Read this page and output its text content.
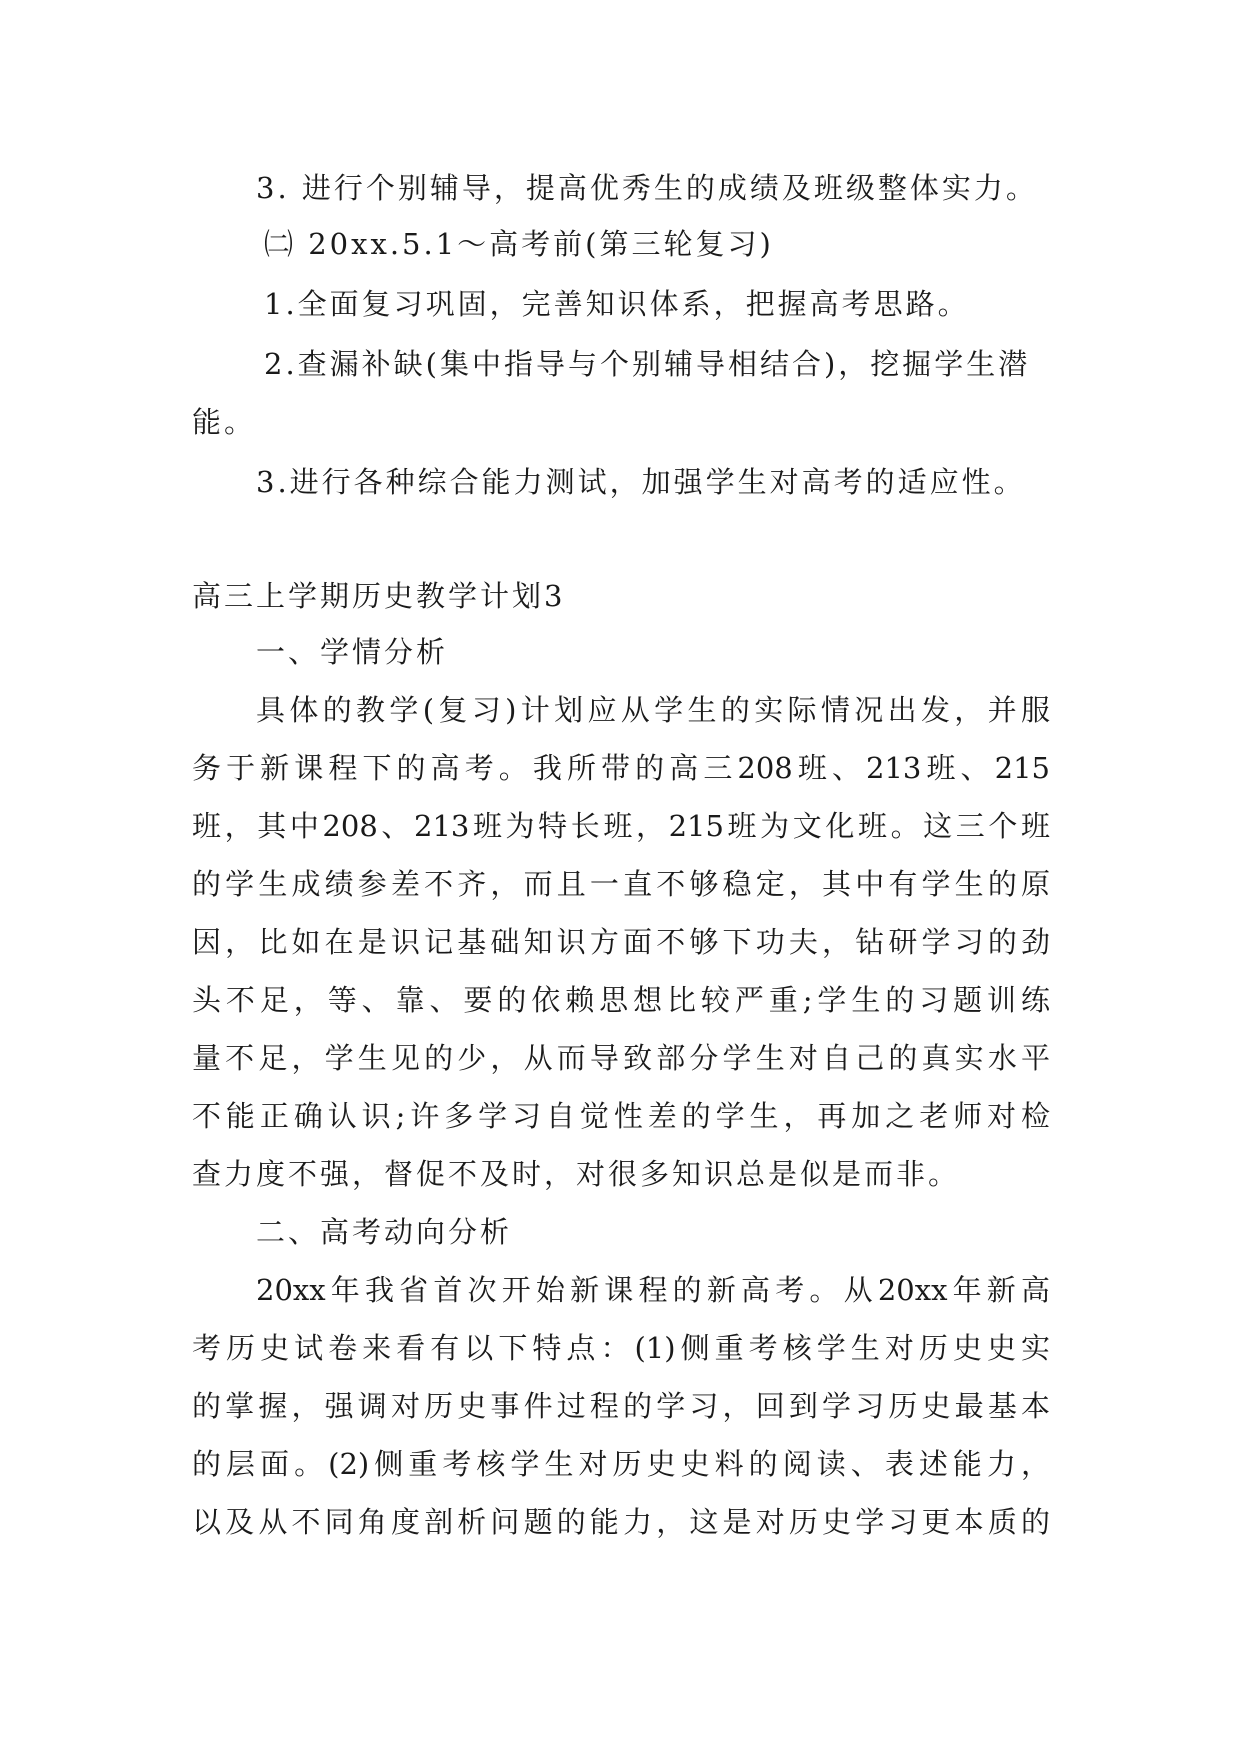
3. 进行个别辅导，提高优秀生的成绩及班级整体实力。
㈡ 20xx.5.1～高考前(第三轮复习)
1.全面复习巩固，完善知识体系，把握高考思路。
2.查漏补缺(集中指导与个别辅导相结合)，挖掘学生潜
能。
3.进行各种综合能力测试，加强学生对高考的适应性。
高三上学期历史教学计划3
一、学情分析
具体的教学(复习)计划应从学生的实际情况出发，并服
务于新课程下的高考。我所带的高三208班、213班、215
班，其中208、213班为特长班，215班为文化班。这三个班
的学生成绩参差不齐，而且一直不够稳定，其中有学生的原
因，比如在是识记基础知识方面不够下功夫，钻研学习的劲
头不足，等、靠、要的依赖思想比较严重;学生的习题训练
量不足，学生见的少，从而导致部分学生对自己的真实水平
不能正确认识;许多学习自觉性差的学生，再加之老师对检
查力度不强，督促不及时，对很多知识总是似是而非。
二、高考动向分析
20xx年我省首次开始新课程的新高考。从20xx年新高
考历史试卷来看有以下特点：(1)侧重考核学生对历史史实
的掌握，强调对历史事件过程的学习，回到学习历史最基本
的层面。(2)侧重考核学生对历史史料的阅读、表述能力，
以及从不同角度剖析问题的能力，这是对历史学习更本质的
